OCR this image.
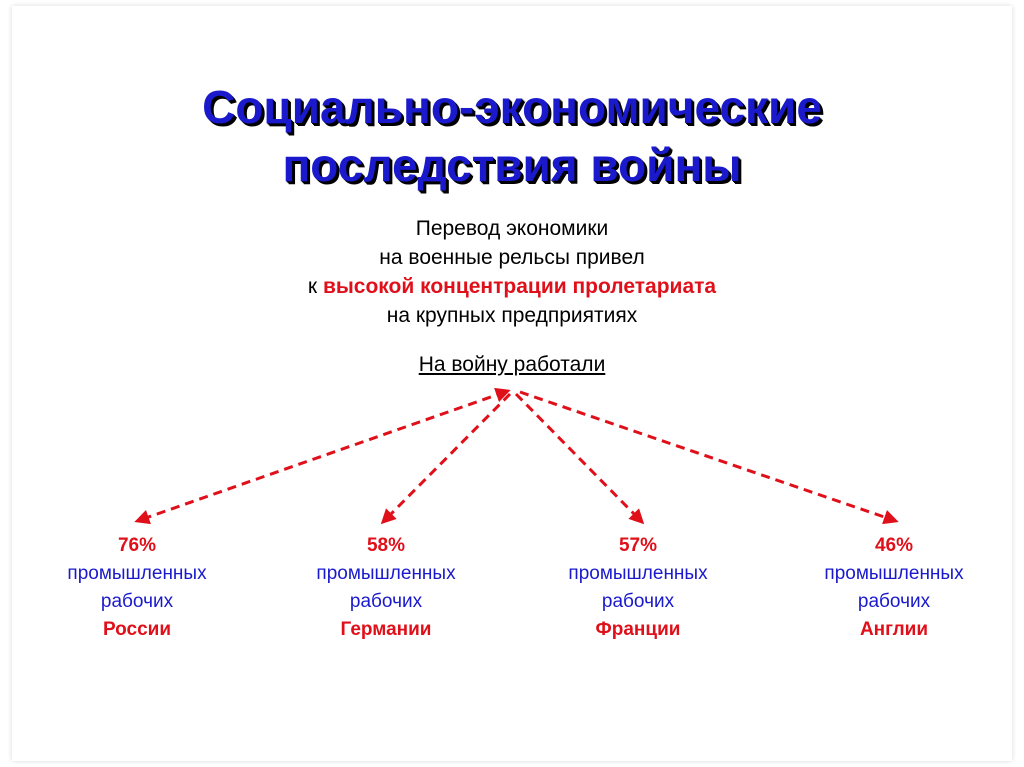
Социально-экономические
последствия войны
Перевод экономики
на военные рельсы привел
к высокой концентрации пролетариата
на крупных предприятиях
На войну работали
76%
промышленных
рабочих
России
58%
промышленных
рабочих
Германии
57%
промышленных
рабочих
Франции
46%
промышленных
рабочих
Англии
